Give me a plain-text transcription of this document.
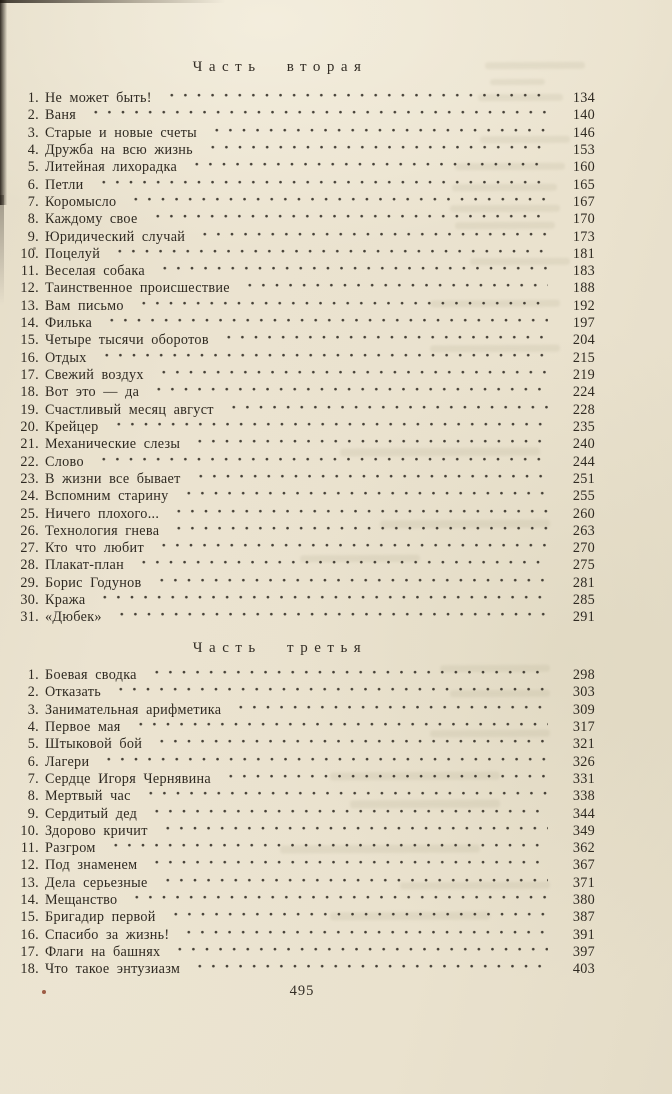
Часть вторая
1. Не может быть!	134
2. Ваня	140
3. Старые и новые счеты	146
4. Дружба на всю жизнь	153
5. Литейная лихорадка	160
6. Петли	165
7. Коромысло	167
8. Каждому свое	170
9. Юридический случай	173
10. Поцелуй	181
11. Веселая собака	183
12. Таинственное происшествие	188
13. Вам письмо	192
14. Филька	197
15. Четыре тысячи оборотов	204
16. Отдых	215
17. Свежий воздух	219
18. Вот это — да	224
19. Счастливый месяц август	228
20. Крейцер	235
21. Механические слезы	240
22. Слово	244
23. В жизни все бывает	251
24. Вспомним старину	255
25. Ничего плохого...	260
26. Технология гнева	263
27. Кто что любит	270
28. Плакат-план	275
29. Борис Годунов	281
30. Кража	285
31. «Дюбек»	291
Часть третья
1. Боевая сводка	298
2. Отказать	303
3. Занимательная арифметика	309
4. Первое мая	317
5. Штыковой бой	321
6. Лагери	326
7. Сердце Игоря Чернявина	331
8. Мертвый час	338
9. Сердитый дед	344
10. Здорово кричит	349
11. Разгром	362
12. Под знаменем	367
13. Дела серьезные	371
14. Мещанство	380
15. Бригадир первой	387
16. Спасибо за жизнь!	391
17. Флаги на башнях	397
18. Что такое энтузиазм	403
495
